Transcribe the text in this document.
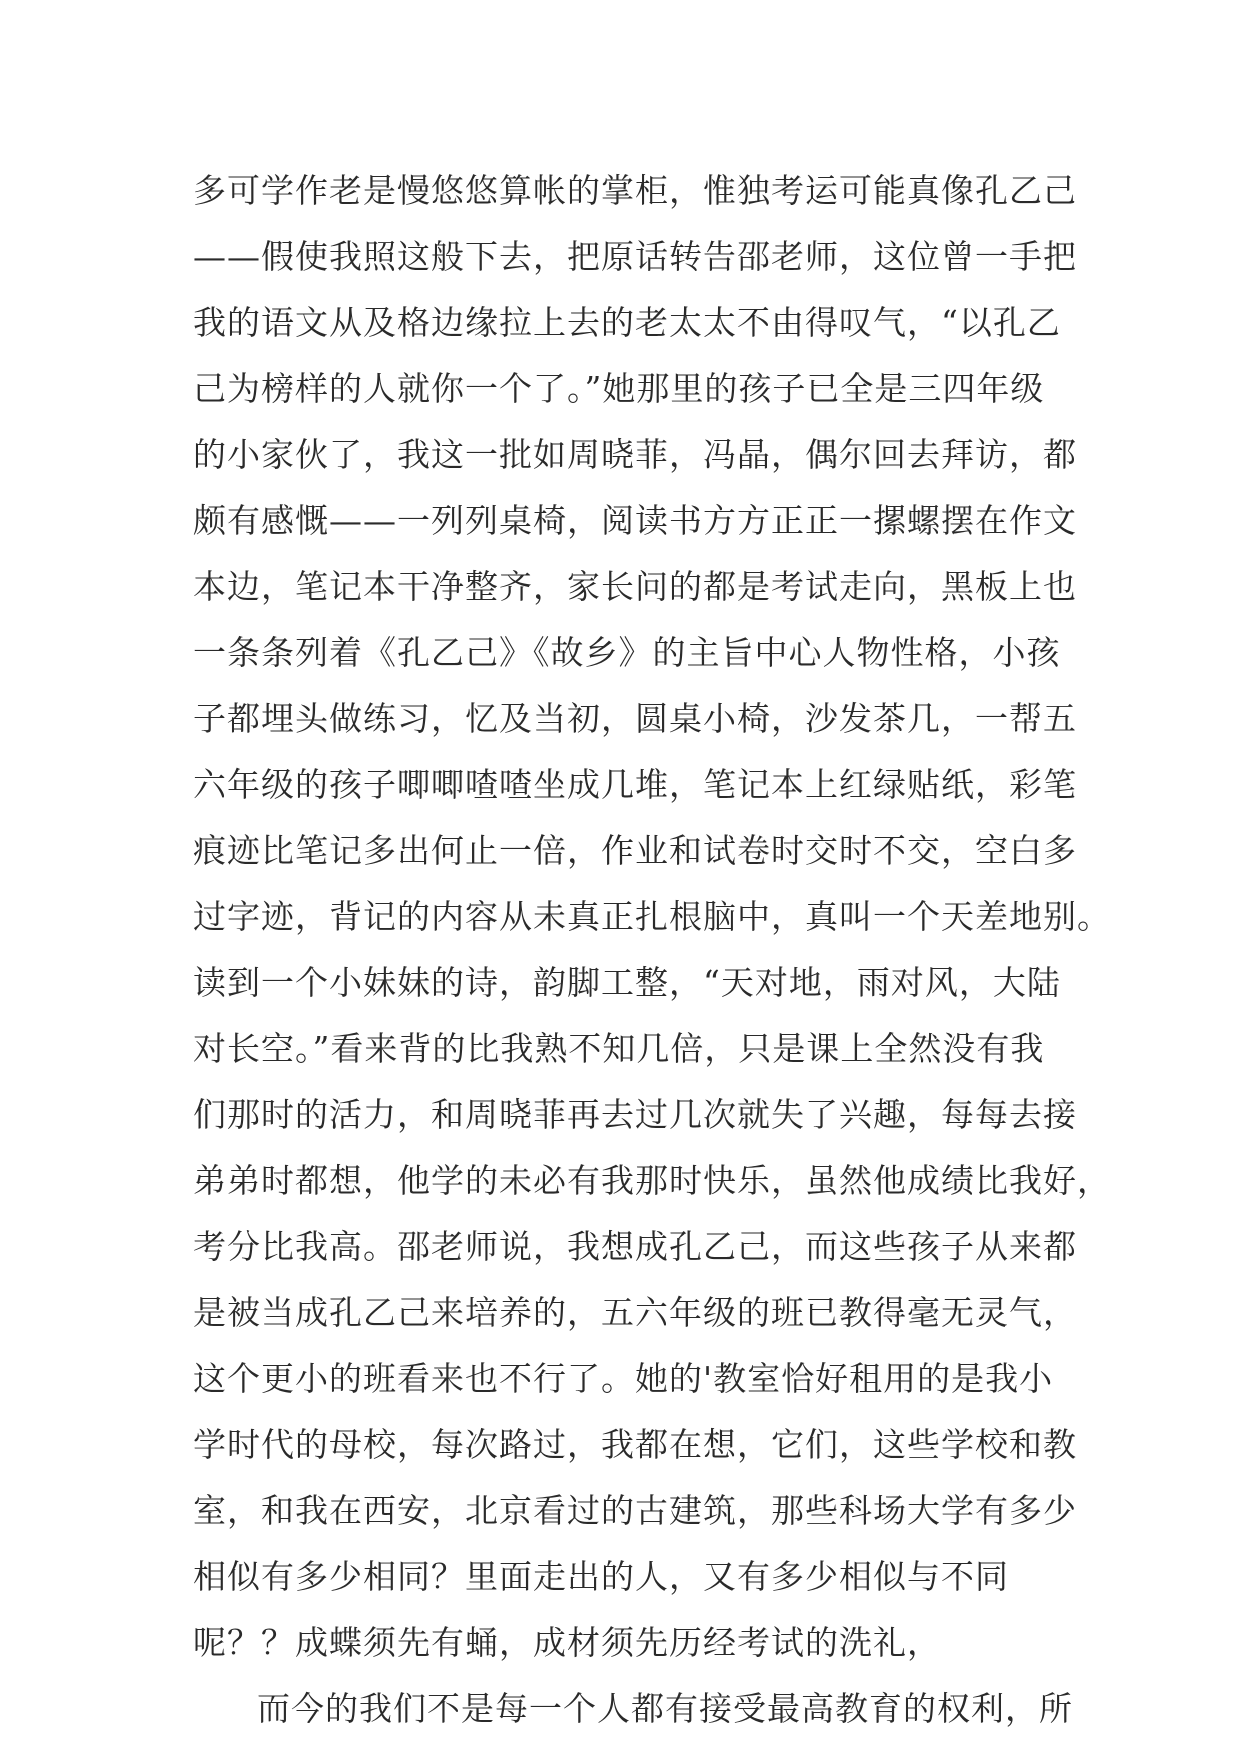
多可学作老是慢悠悠算帐的掌柜，惟独考运可能真像孔乙己
——假使我照这般下去，把原话转告邵老师，这位曾一手把
我的语文从及格边缘拉上去的老太太不由得叹气，“以孔乙
己为榜样的人就你一个了。”她那里的孩子已全是三四年级
的小家伙了，我这一批如周晓菲，冯晶，偶尔回去拜访，都
颇有感慨——一列列桌椅，阅读书方方正正一摞螺摆在作文
本边，笔记本干净整齐，家长问的都是考试走向，黑板上也
一条条列着《孔乙己》《故乡》的主旨中心人物性格，小孩
子都埋头做练习，忆及当初，圆桌小椅，沙发茶几，一帮五
六年级的孩子唧唧喳喳坐成几堆，笔记本上红绿贴纸，彩笔
痕迹比笔记多出何止一倍，作业和试卷时交时不交，空白多
过字迹，背记的内容从未真正扎根脑中，真叫一个天差地别。
读到一个小妹妹的诗，韵脚工整，“天对地，雨对风，大陆
对长空。”看来背的比我熟不知几倍，只是课上全然没有我
们那时的活力，和周晓菲再去过几次就失了兴趣，每每去接
弟弟时都想，他学的未必有我那时快乐，虽然他成绩比我好，
考分比我高。邵老师说，我想成孔乙己，而这些孩子从来都
是被当成孔乙己来培养的，五六年级的班已教得毫无灵气，
这个更小的班看来也不行了。她的'教室恰好租用的是我小
学时代的母校，每次路过，我都在想，它们，这些学校和教
室，和我在西安，北京看过的古建筑，那些科场大学有多少
相似有多少相同？里面走出的人，又有多少相似与不同
呢？？成蝶须先有蛹，成材须先历经考试的洗礼，
而今的我们不是每一个人都有接受最高教育的权利，所
